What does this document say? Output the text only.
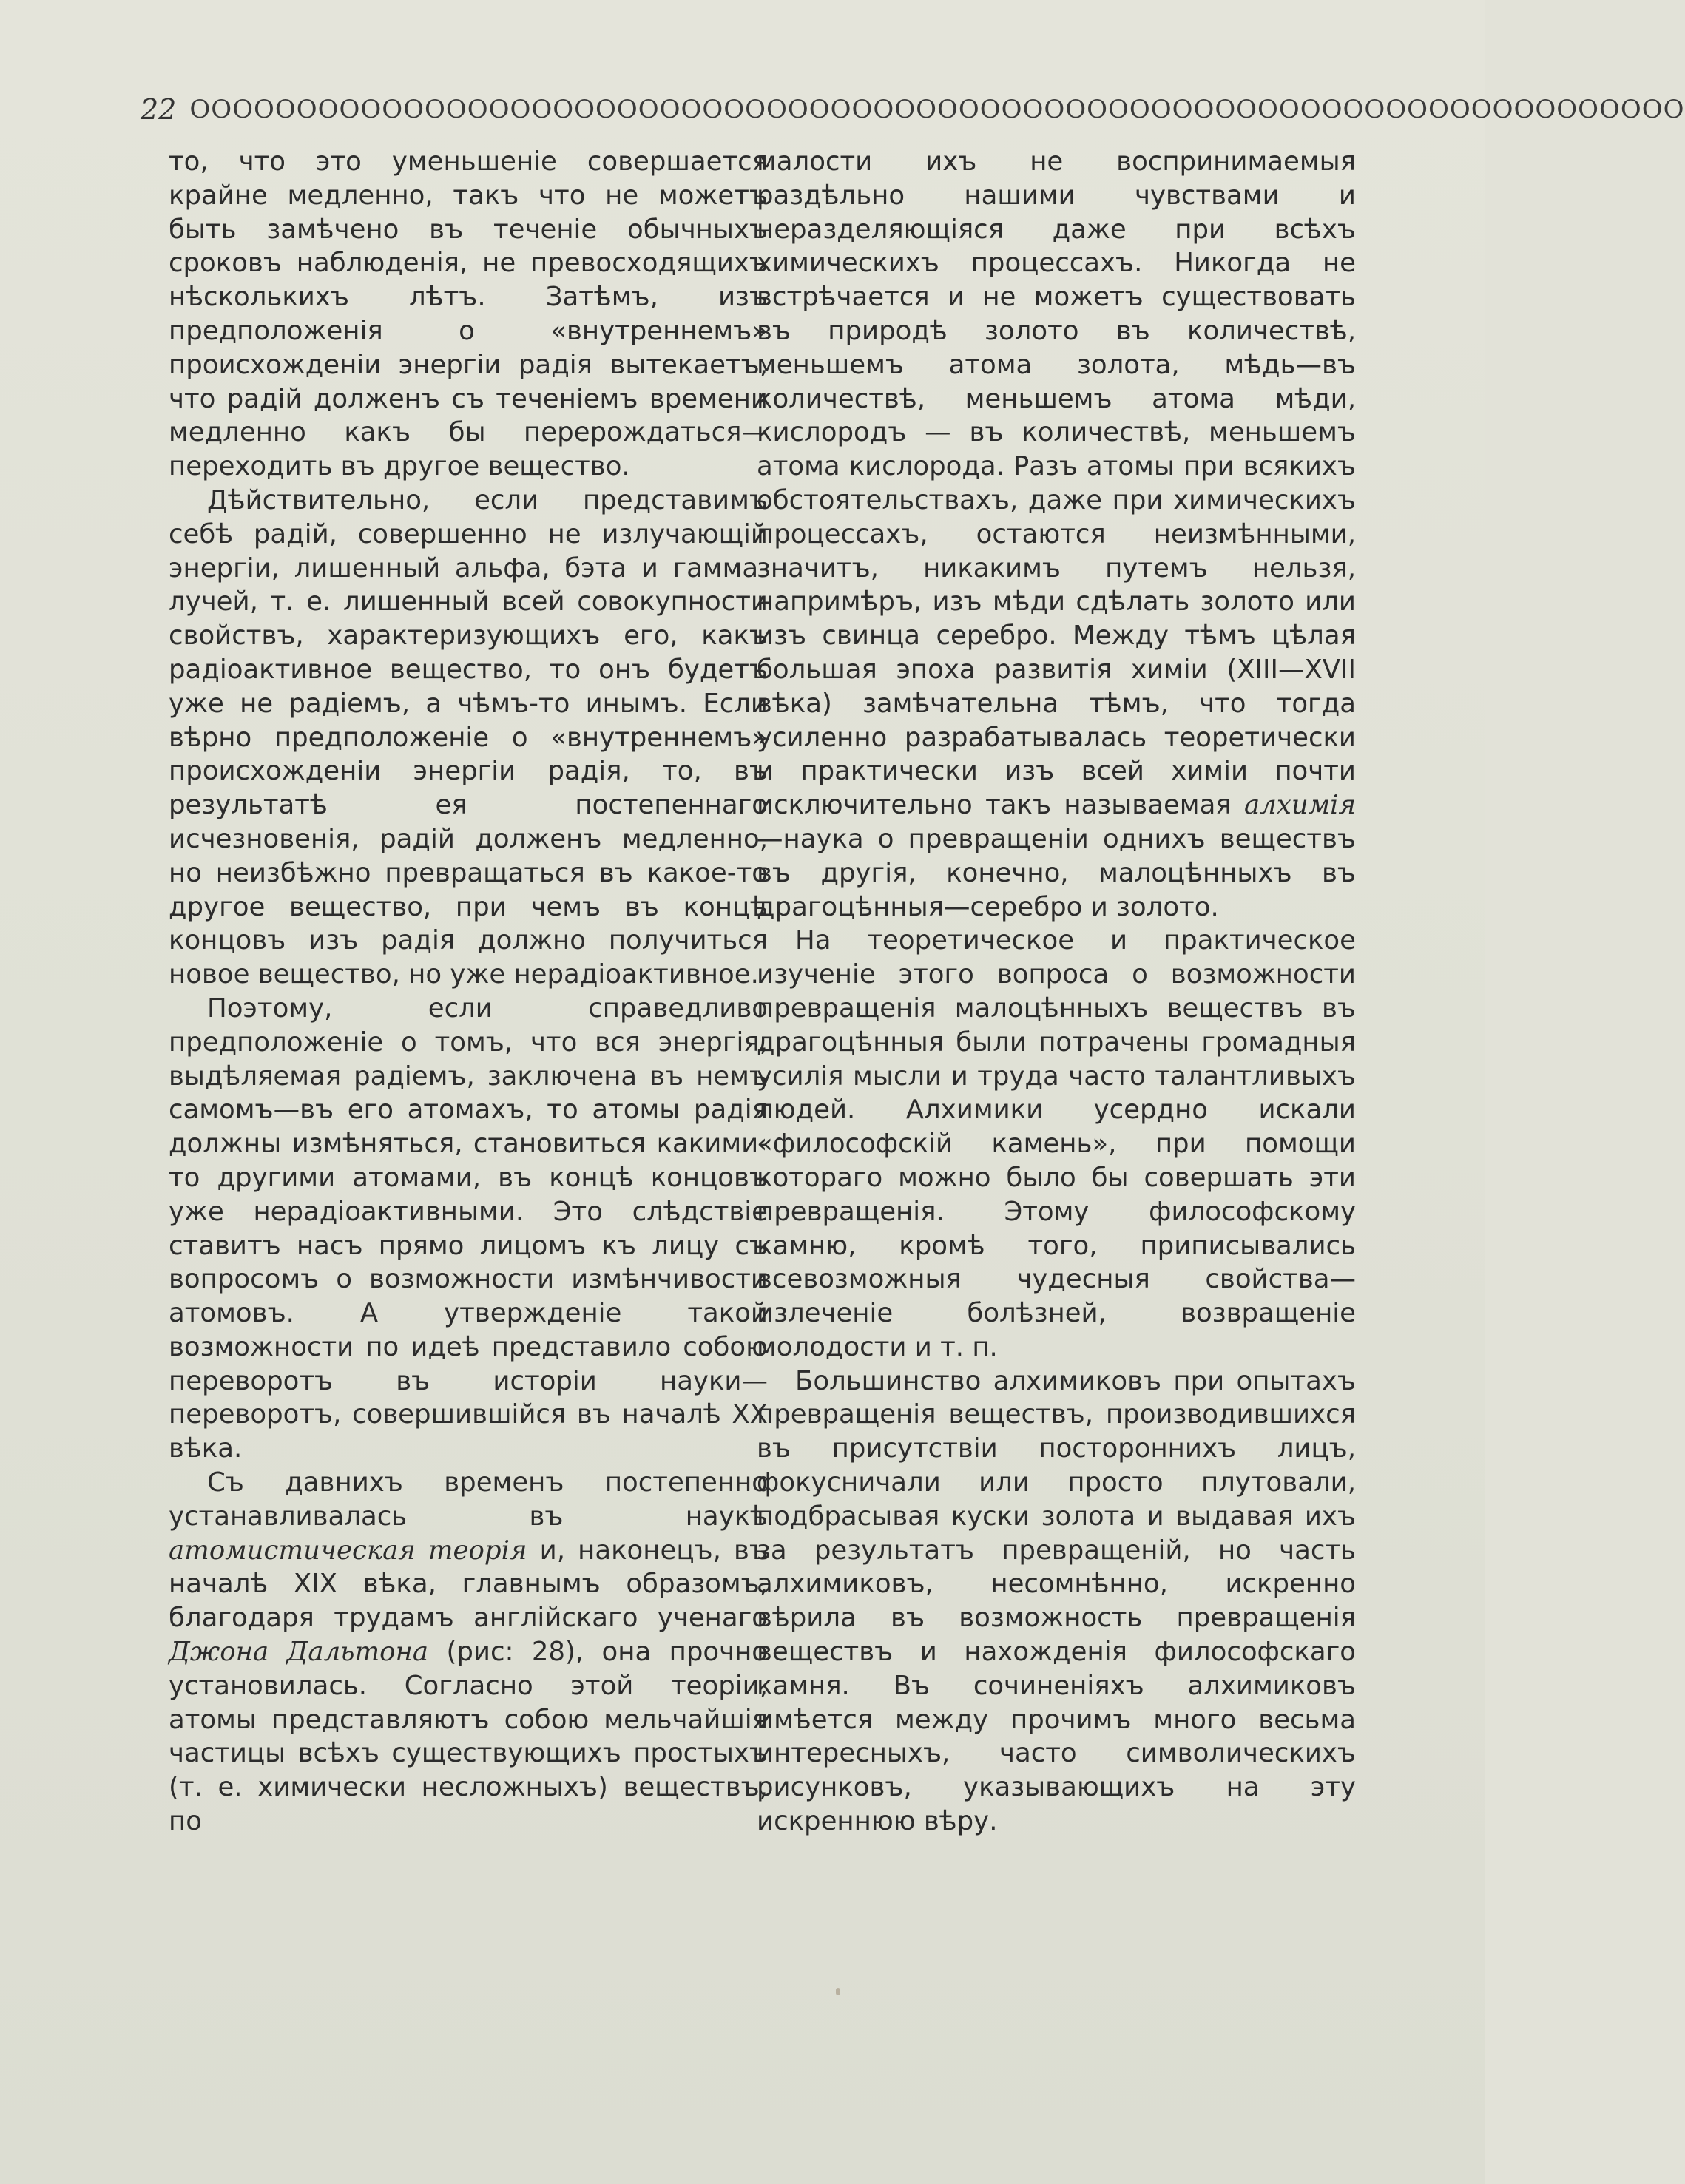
22 ОООООООООООООООООООООООООООООООООООООООООООООООООООООООООООООООООООООО

то, что это уменьшеніе совершается крайне медленно, такъ что не можетъ быть замѣчено въ теченіе обычныхъ сроковъ наблюденія, не превосходящихъ нѣсколькихъ лѣтъ. Затѣмъ, изъ предположенія о «внутреннемъ» происхожденіи энергіи радія вытекаетъ, что радій долженъ съ теченіемъ времени медленно какъ бы перерождаться—переходить въ другое вещество.

Дѣйствительно, если представимъ себѣ радій, совершенно не излучающій энергіи, лишенный альфа, бэта и гамма-лучей, т. е. лишенный всей совокупности свойствъ, характеризующихъ его, какъ радіоактивное вещество, то онъ будетъ уже не радіемъ, а чѣмъ-то инымъ. Если вѣрно предположеніе о «внутреннемъ» происхожденіи энергіи радія, то, въ результатѣ ея постепеннаго исчезновенія, радій долженъ медленно, но неизбѣжно превращаться въ какое-то другое вещество, при чемъ въ концѣ концовъ изъ радія должно получиться новое вещество, но уже нерадіоактивное.

Поэтому, если справедливо предположеніе о томъ, что вся энергія, выдѣляемая радіемъ, заключена въ немъ самомъ—въ его атомахъ, то атомы радія должны измѣняться, становиться какими-то другими атомами, въ концѣ концовъ уже нерадіоактивными. Это слѣдствіе ставитъ насъ прямо лицомъ къ лицу съ вопросомъ о возможности измѣнчивости атомовъ. А утвержденіе такой возможности по идеѣ представило собою переворотъ въ исторіи науки—переворотъ, совершившійся въ началѣ XX вѣка.

Съ давнихъ временъ постепенно устанавливалась въ наукѣ атомистическая теорія и, наконецъ, въ началѣ XIX вѣка, главнымъ образомъ, благодаря трудамъ англійскаго ученаго Джона Дальтона (рис: 28), она прочно установилась. Согласно этой теоріи, атомы представляютъ собою мельчайшія частицы всѣхъ существующихъ простыхъ (т. е. химически несложныхъ) веществъ, по

малости ихъ не воспринимаемыя раздѣльно нашими чувствами и неразделяющіяся даже при всѣхъ химическихъ процессахъ. Никогда не встрѣчается и не можетъ существовать въ природѣ золото въ количествѣ, меньшемъ атома золота, мѣдь—въ количествѣ, меньшемъ атома мѣди, кислородъ — въ количествѣ, меньшемъ атома кислорода. Разъ атомы при всякихъ обстоятельствахъ, даже при химическихъ процессахъ, остаются неизмѣнными, значитъ, никакимъ путемъ нельзя, напримѣръ, изъ мѣди сдѣлать золото или изъ свинца серебро. Между тѣмъ цѣлая большая эпоха развитія химіи (XIII—XVII вѣка) замѣчательна тѣмъ, что тогда усиленно разрабатывалась теоретически и практически изъ всей химіи почти исключительно такъ называемая алхимія—наука о превращеніи однихъ веществъ въ другія, конечно, малоцѣнныхъ въ драгоцѣнныя—серебро и золото.

На теоретическое и практическое изученіе этого вопроса о возможности превращенія малоцѣнныхъ веществъ въ драгоцѣнныя были потрачены громадныя усилія мысли и труда часто талантливыхъ людей. Алхимики усердно искали «философскій камень», при помощи котораго можно было бы совершать эти превращенія. Этому философскому камню, кромѣ того, приписывались всевозможныя чудесныя свойства—излеченіе болѣзней, возвращеніе молодости и т. п.

Большинство алхимиковъ при опытахъ превращенія веществъ, производившихся въ присутствіи постороннихъ лицъ, фокусничали или просто плутовали, подбрасывая куски золота и выдавая ихъ за результатъ превращеній, но часть алхимиковъ, несомнѣнно, искренно вѣрила въ возможность превращенія веществъ и нахожденія философскаго камня. Въ сочиненіяхъ алхимиковъ имѣется между прочимъ много весьма интересныхъ, часто символическихъ рисунковъ, указывающихъ на эту искреннюю вѣру.
